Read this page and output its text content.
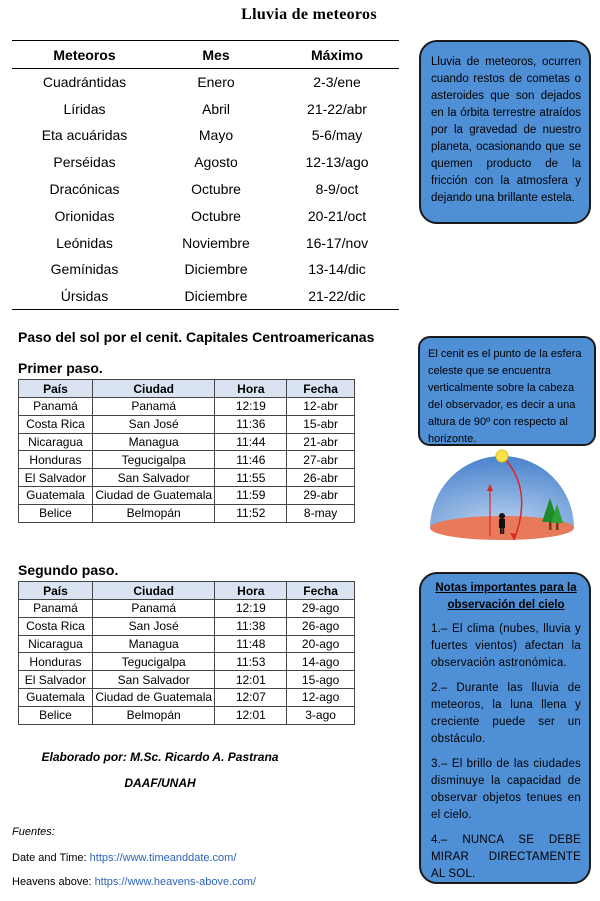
Lluvia de meteoros
Meteoros	Mes	Máximo
Cuadrántidas	Enero	2-3/ene
Líridas	Abril	21-22/abr
Eta acuáridas	Mayo	5-6/may
Perséidas	Agosto	12-13/ago
Dracónicas	Octubre	8-9/oct
Orionidas	Octubre	20-21/oct
Leónidas	Noviembre	16-17/nov
Gemínidas	Diciembre	13-14/dic
Úrsidas	Diciembre	21-22/dic
Lluvia de meteoros, ocurren cuando restos de cometas o asteroides que son dejados en la órbita terrestre atraídos por la gravedad de nuestro planeta, ocasionando que se quemen producto de la fricción con la atmosfera y dejando una brillante estela.
Paso del sol por el cenit. Capitales Centroamericanas
Primer paso.
País	Ciudad	Hora	Fecha
Panamá	Panamá	12:19	12-abr
Costa Rica	San José	11:36	15-abr
Nicaragua	Managua	11:44	21-abr
Honduras	Tegucigalpa	11:46	27-abr
El Salvador	San Salvador	11:55	26-abr
Guatemala	Ciudad de Guatemala	11:59	29-abr
Belice	Belmopán	11:52	8-may
Segundo paso.
País	Ciudad	Hora	Fecha
Panamá	Panamá	12:19	29-ago
Costa Rica	San José	11:38	26-ago
Nicaragua	Managua	11:48	20-ago
Honduras	Tegucigalpa	11:53	14-ago
El Salvador	San Salvador	12:01	15-ago
Guatemala	Ciudad de Guatemala	12:07	12-ago
Belice	Belmopán	12:01	3-ago
El cenit es el punto de la esfera celeste que se encuentra verticalmente sobre la cabeza del observador, es decir a una altura de 90º con respecto al horizonte.
Notas importantes para la observación del cielo
1.– El clima (nubes, lluvia y fuertes vientos) afectan la observación astronómica.
2.– Durante las lluvia de meteoros, la luna llena y creciente puede ser un obstáculo.
3.– El brillo de las ciudades disminuye la capacidad de observar objetos tenues en el cielo.
4.– NUNCA SE DEBE MIRAR DIRECTAMENTE AL SOL.
Elaborado por: M.Sc. Ricardo A. Pastrana
DAAF/UNAH
Fuentes:
Date and Time: https://www.timeanddate.com/
Heavens above: https://www.heavens-above.com/
